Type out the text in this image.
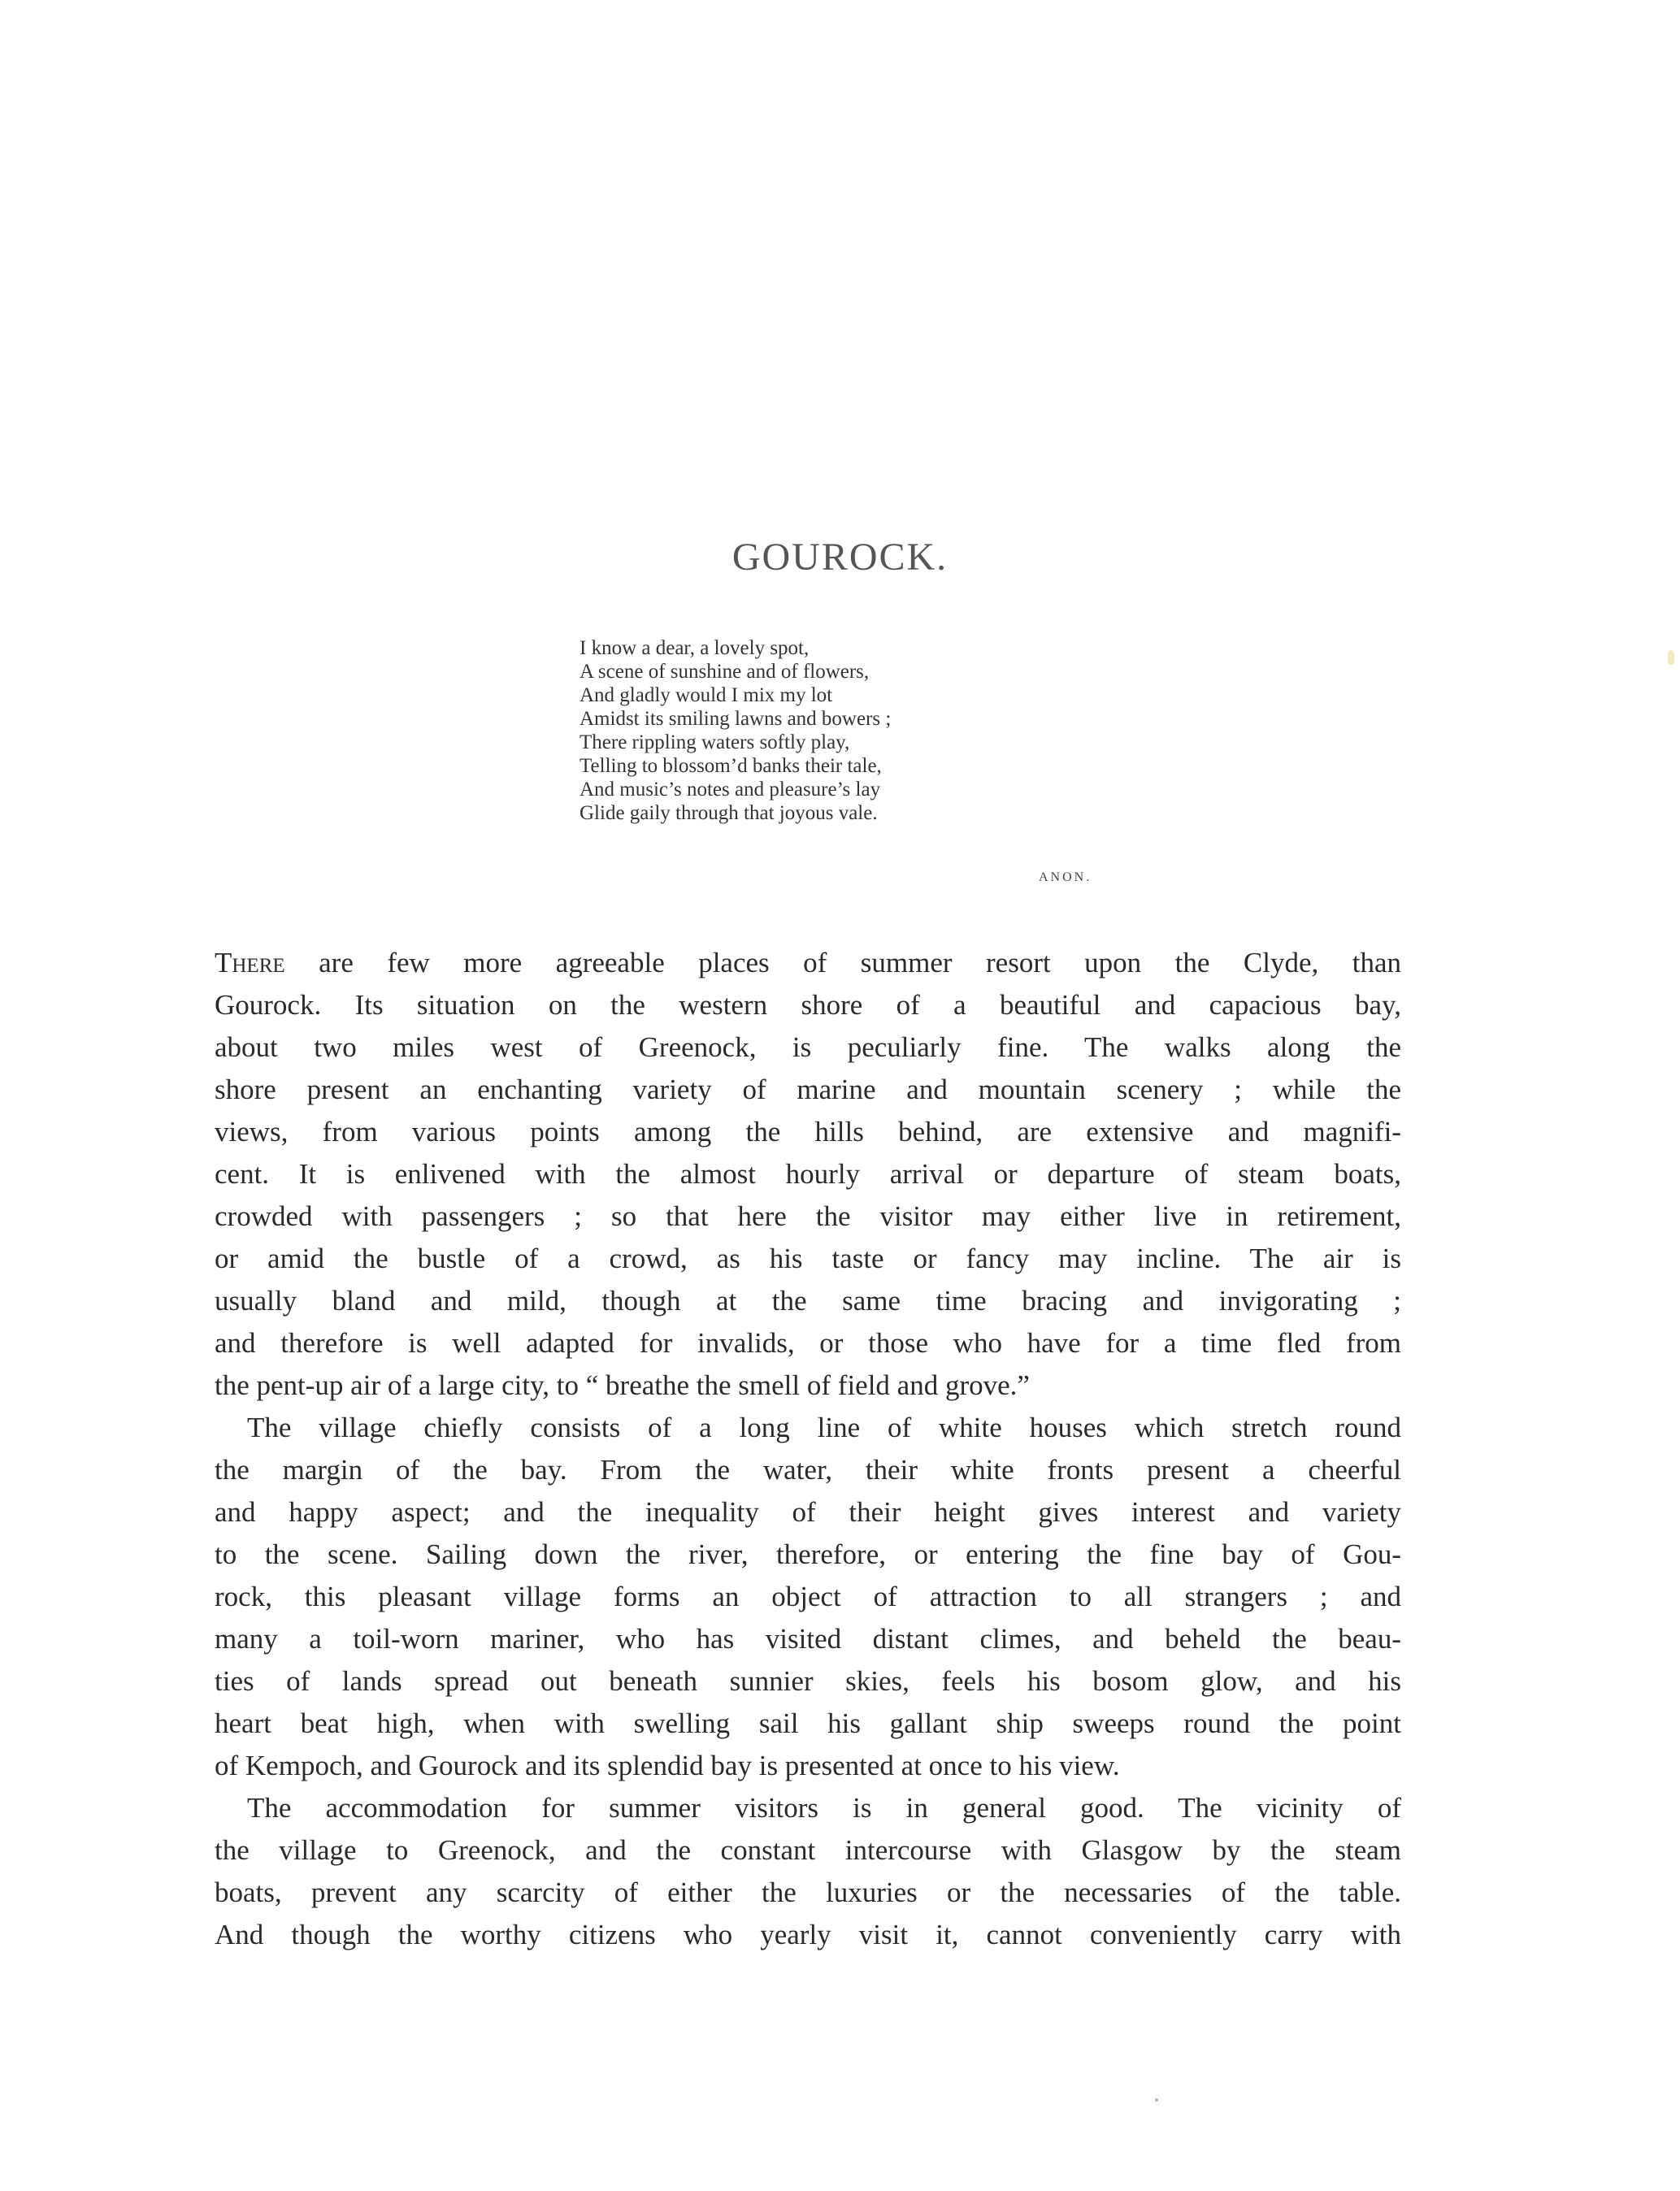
GOUROCK.
I know a dear, a lovely spot,
A scene of sunshine and of flowers,
And gladly would I mix my lot
Amidst its smiling lawns and bowers ;
There rippling waters softly play,
Telling to blossom’d banks their tale,
And music’s notes and pleasure’s lay
Glide gaily through that joyous vale.
ANON.
There are few more agreeable places of summer resort upon the Clyde, than
Gourock. Its situation on the western shore of a beautiful and capacious bay,
about two miles west of Greenock, is peculiarly fine. The walks along the
shore present an enchanting variety of marine and mountain scenery ; while the
views, from various points among the hills behind, are extensive and magnifi-
cent. It is enlivened with the almost hourly arrival or departure of steam boats,
crowded with passengers ; so that here the visitor may either live in retirement,
or amid the bustle of a crowd, as his taste or fancy may incline. The air is
usually bland and mild, though at the same time bracing and invigorating ;
and therefore is well adapted for invalids, or those who have for a time fled from
the pent-up air of a large city, to “ breathe the smell of field and grove.”
The village chiefly consists of a long line of white houses which stretch round
the margin of the bay. From the water, their white fronts present a cheerful
and happy aspect; and the inequality of their height gives interest and variety
to the scene. Sailing down the river, therefore, or entering the fine bay of Gou-
rock, this pleasant village forms an object of attraction to all strangers ; and
many a toil-worn mariner, who has visited distant climes, and beheld the beau-
ties of lands spread out beneath sunnier skies, feels his bosom glow, and his
heart beat high, when with swelling sail his gallant ship sweeps round the point
of Kempoch, and Gourock and its splendid bay is presented at once to his view.
The accommodation for summer visitors is in general good. The vicinity of
the village to Greenock, and the constant intercourse with Glasgow by the steam
boats, prevent any scarcity of either the luxuries or the necessaries of the table.
And though the worthy citizens who yearly visit it, cannot conveniently carry with
